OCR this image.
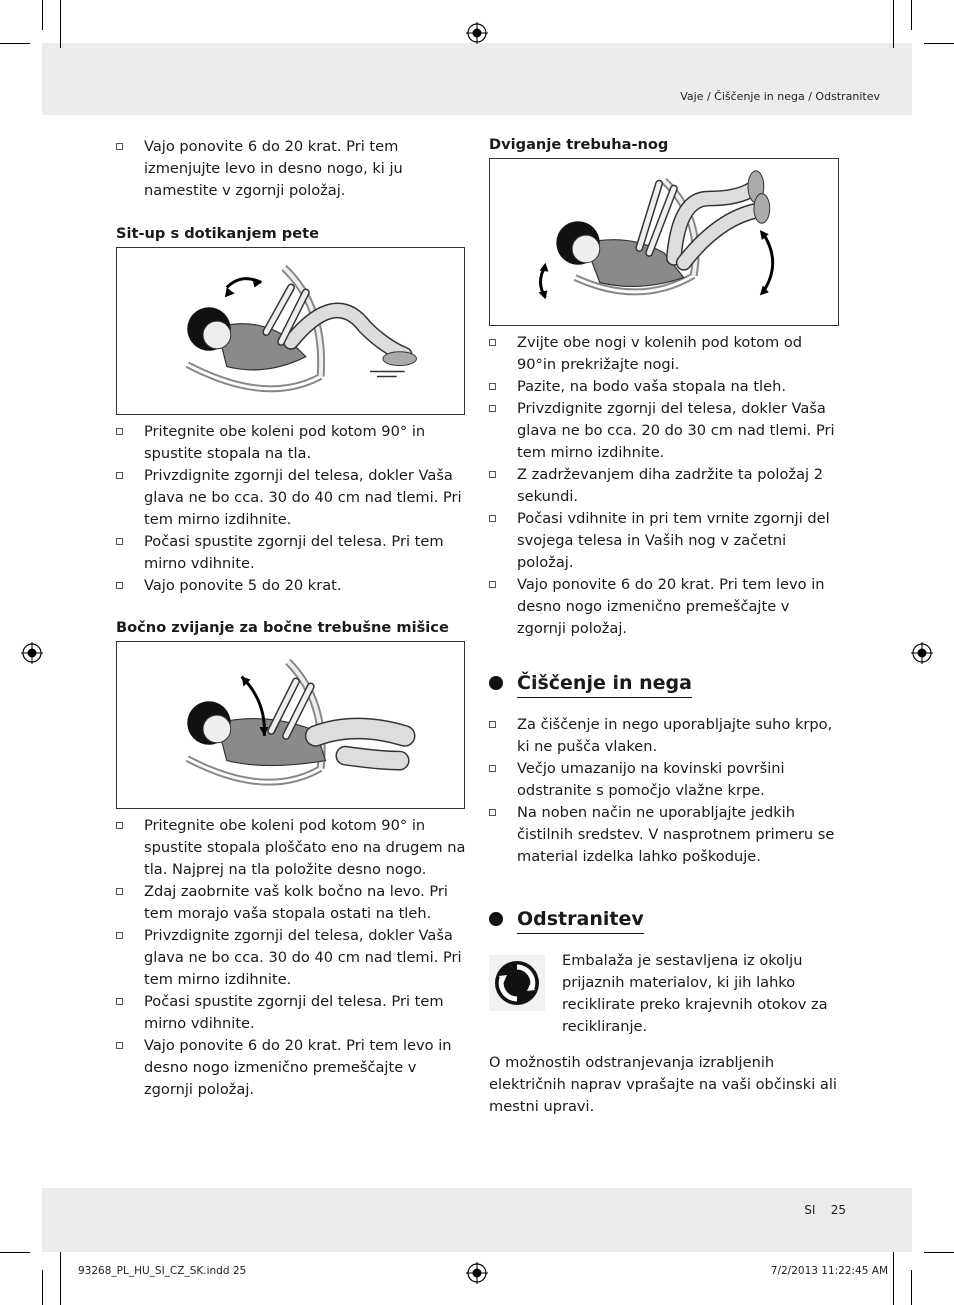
Vaje / Čiščenje in nega / Odstranitev
SI 25
93268_PL_HU_SI_CZ_SK.indd 25	7/2/2013 11:22:45 AM
Vajo ponovite 6 do 20 krat. Pri tem izmenjujte levo in desno nogo, ki ju namestite v zgornji položaj.

Sit-up s dotikanjem pete

Pritegnite obe koleni pod kotom 90° in spustite stopala na tla.
Privzdignite zgornji del telesa, dokler Vaša glava ne bo cca. 30 do 40 cm nad tlemi. Pri tem mirno izdihnite.
Počasi spustite zgornji del telesa. Pri tem mirno vdihnite.
Vajo ponovite 5 do 20 krat.

Bočno zvijanje za bočne trebušne mišice

Pritegnite obe koleni pod kotom 90° in spustite stopala ploščato eno na drugem na tla. Najprej na tla položite desno nogo.
Zdaj zaobrnite vaš kolk bočno na levo. Pri tem morajo vaša stopala ostati na tleh.
Privzdignite zgornji del telesa, dokler Vaša glava ne bo cca. 30 do 40 cm nad tlemi. Pri tem mirno izdihnite.
Počasi spustite zgornji del telesa. Pri tem mirno vdihnite.
Vajo ponovite 6 do 20 krat. Pri tem levo in desno nogo izmenično premeščajte v zgornji položaj.

Dviganje trebuha-nog

Zvijte obe nogi v kolenih pod kotom od 90°in prekrižajte nogi.
Pazite, na bodo vaša stopala na tleh.
Privzdignite zgornji del telesa, dokler Vaša glava ne bo cca. 20 do 30 cm nad tlemi. Pri tem mirno izdihnite.
Z zadrževanjem diha zadržite ta položaj 2 sekundi.
Počasi vdihnite in pri tem vrnite zgornji del svojega telesa in Vaših nog v začetni položaj.
Vajo ponovite 6 do 20 krat. Pri tem levo in desno nogo izmenično premeščajte v zgornji položaj.
Čiščenje in nega
Za čiščenje in nego uporabljajte suho krpo, ki ne pušča vlaken.
Večjo umazanijo na kovinski površini odstranite s pomočjo vlažne krpe.
Na noben način ne uporabljajte jedkih čistilnih sredstev. V nasprotnem primeru se material izdelka lahko poškoduje.
Odstranitev
Embalaža je sestavljena iz okolju prijaznih materialov, ki jih lahko reciklirate preko krajevnih otokov za recikliranje.

O možnostih odstranjevanja izrabljenih električnih naprav vprašajte na vaši občinski ali mestni upravi.
